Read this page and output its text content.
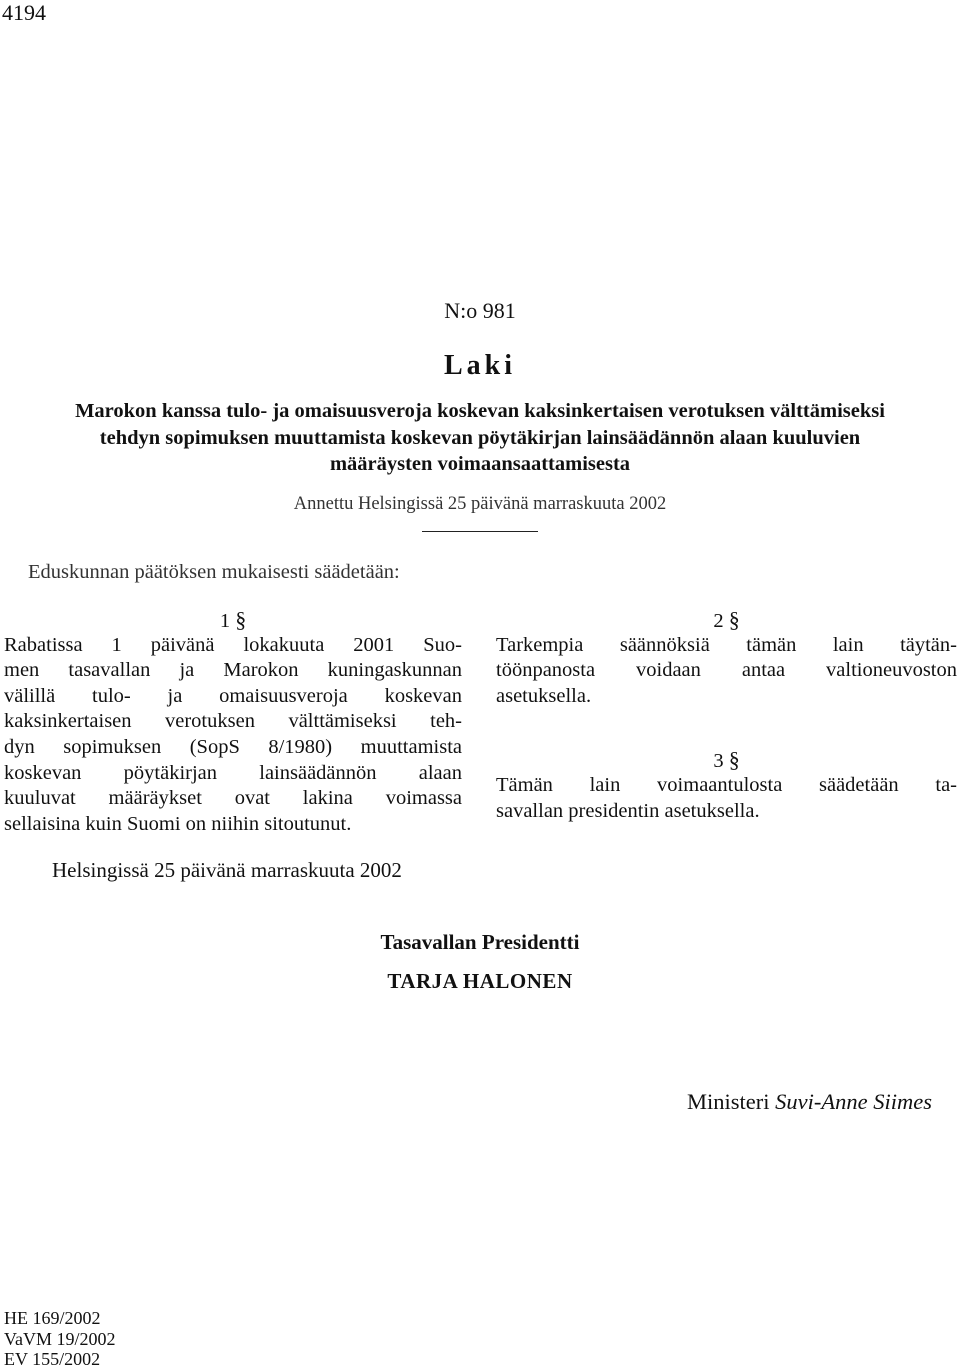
4194
N:o 981
Laki
Marokon kanssa tulo- ja omaisuusveroja koskevan kaksinkertaisen verotuksen välttämiseksi
tehdyn sopimuksen muuttamista koskevan pöytäkirjan lainsäädännön alaan kuuluvien
määräysten voimaansaattamisesta
Annettu Helsingissä 25 päivänä marraskuuta 2002
Eduskunnan päätöksen mukaisesti säädetään:
1 §
Rabatissa 1 päivänä lokakuuta 2001 Suo-
men tasavallan ja Marokon kuningaskunnan
välillä tulo- ja omaisuusveroja koskevan
kaksinkertaisen verotuksen välttämiseksi teh-
dyn sopimuksen (SopS 8/1980) muuttamista
koskevan pöytäkirjan lainsäädännön alaan
kuuluvat määräykset ovat lakina voimassa
sellaisina kuin Suomi on niihin sitoutunut.
2 §
Tarkempia säännöksiä tämän lain täytän-
töönpanosta voidaan antaa valtioneuvoston
asetuksella.
3 §
Tämän lain voimaantulosta säädetään ta-
savallan presidentin asetuksella.
Helsingissä 25 päivänä marraskuuta 2002
Tasavallan Presidentti
TARJA HALONEN
Ministeri Suvi-Anne Siimes
HE 169/2002
VaVM 19/2002
EV 155/2002
